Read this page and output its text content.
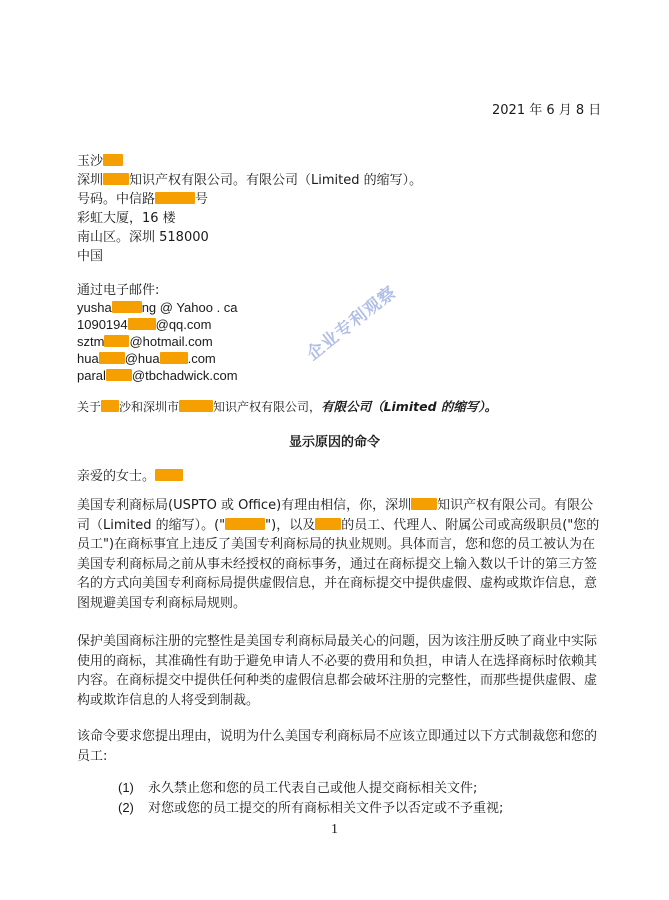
2021 年 6 月 8 日
玉沙
深圳 知识产权有限公司。有限公司（Limited 的缩写）。
号码。中信路	号
彩虹大厦，16 楼
南山区。深圳 518000
中国
通过电子邮件:
yusha ng @ Yahoo . ca
1090194 @qq.com
sztm @hotmail.com
hua @hua .com
paral @tbchadwick.com
关于 沙和深圳市	知识产权有限公司，有限公司（Limited 的缩写）。
显示原因的命令
亲爱的女士。
美国专利商标局(USPTO 或 Office)有理由相信，你，深圳 知识产权有限公司。有限公司（Limited 的缩写）。("	")，以及 的员工、代理人、附属公司或高级职员("您的员工")在商标事宜上违反了美国专利商标局的执业规则。具体而言，您和您的员工被认为在美国专利商标局之前从事未经授权的商标事务，通过在商标提交上输入数以千计的第三方签名的方式向美国专利商标局提供虚假信息，并在商标提交中提供虚假、虚构或欺诈信息，意图规避美国专利商标局规则。
保护美国商标注册的完整性是美国专利商标局最关心的问题，因为该注册反映了商业中实际使用的商标，其准确性有助于避免申请人不必要的费用和负担，申请人在选择商标时依赖其内容。在商标提交中提供任何种类的虚假信息都会破坏注册的完整性，而那些提供虚假、虚构或欺诈信息的人将受到制裁。
该命令要求您提出理由，说明为什么美国专利商标局不应该立即通过以下方式制裁您和您的员工:
(1) 永久禁止您和您的员工代表自己或他人提交商标相关文件;
(2) 对您或您的员工提交的所有商标相关文件予以否定或不予重视;
1
企业专利观察
